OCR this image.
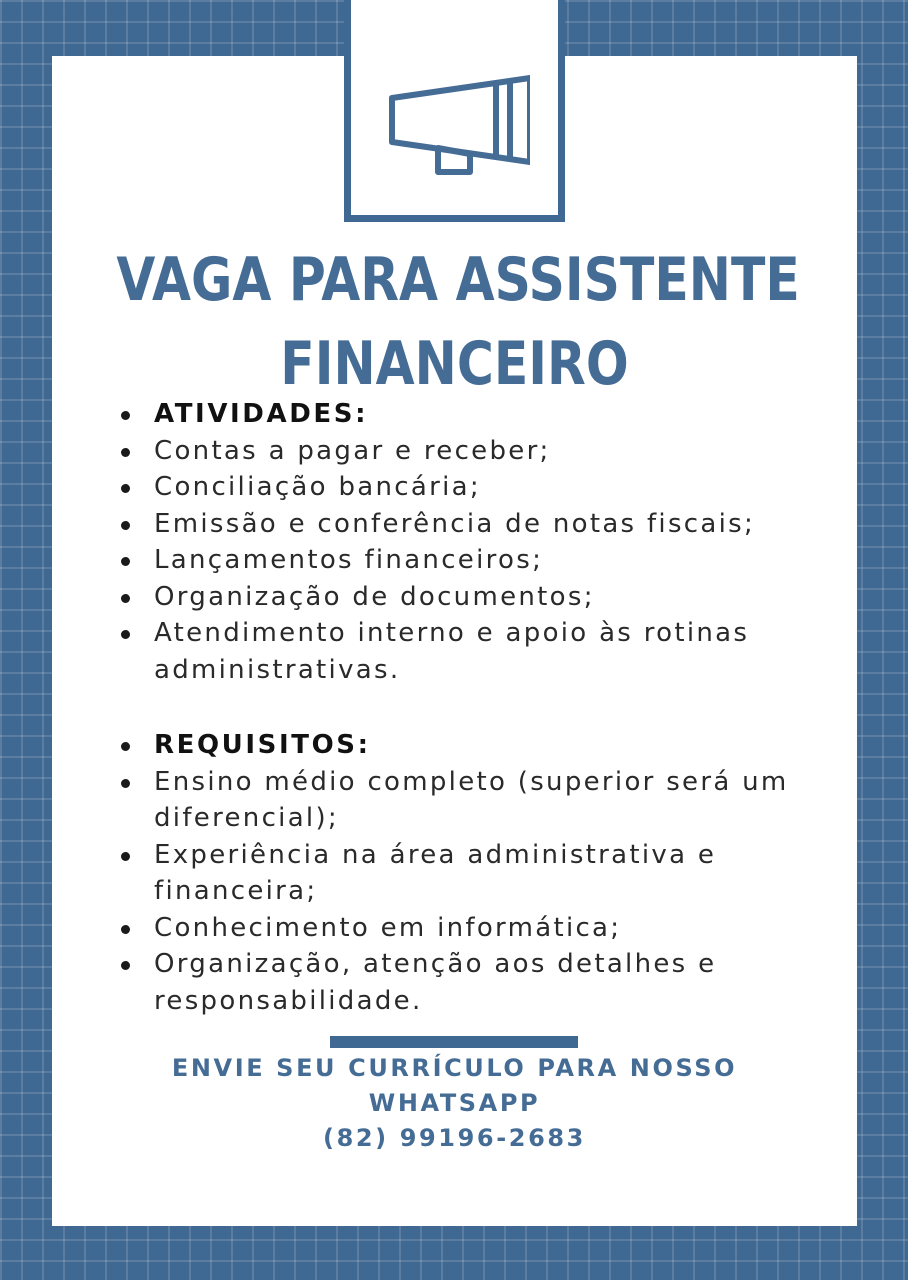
VAGA PARA ASSISTENTE
FINANCEIRO
ATIVIDADES:
Contas a pagar e receber;
Conciliação bancária;
Emissão e conferência de notas fiscais;
Lançamentos financeiros;
Organização de documentos;
Atendimento interno e apoio às rotinas administrativas.
REQUISITOS:
Ensino médio completo (superior será um diferencial);
Experiência na área administrativa e financeira;
Conhecimento em informática;
Organização, atenção aos detalhes e responsabilidade.

ENVIE SEU CURRÍCULO PARA NOSSO

WHATSAPP

(82) 99196-2683
